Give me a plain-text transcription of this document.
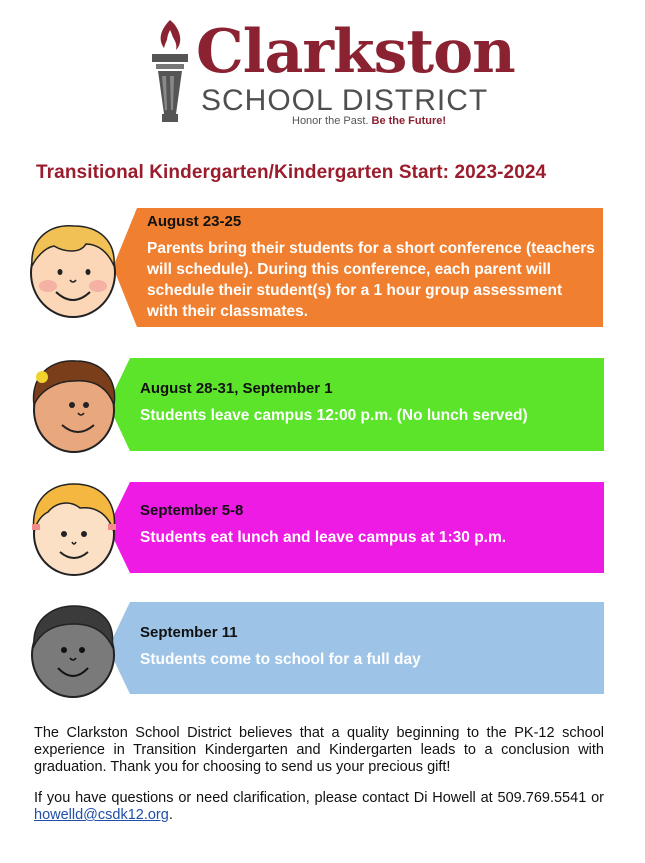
Clarkston
SCHOOL DISTRICT
Honor the Past. Be the Future!
Transitional Kindergarten/Kindergarten Start: 2023-2024
August 23-25
Parents bring their students for a short conference (teachers will schedule). During this conference, each parent will schedule their student(s) for a 1 hour group assessment with their classmates.
August 28-31, September 1
Students leave campus 12:00 p.m. (No lunch served)
September 5-8
Students eat lunch and leave campus at 1:30 p.m.
September 11
Students come to school for a full day

The Clarkston School District believes that a quality beginning to the PK-12 school experience in Transition Kindergarten and Kindergarten leads to a conclusion with graduation. Thank you for choosing to send us your precious gift!

If you have questions or need clarification, please contact Di Howell at 509.769.5541 or howelld@csdk12.org.
